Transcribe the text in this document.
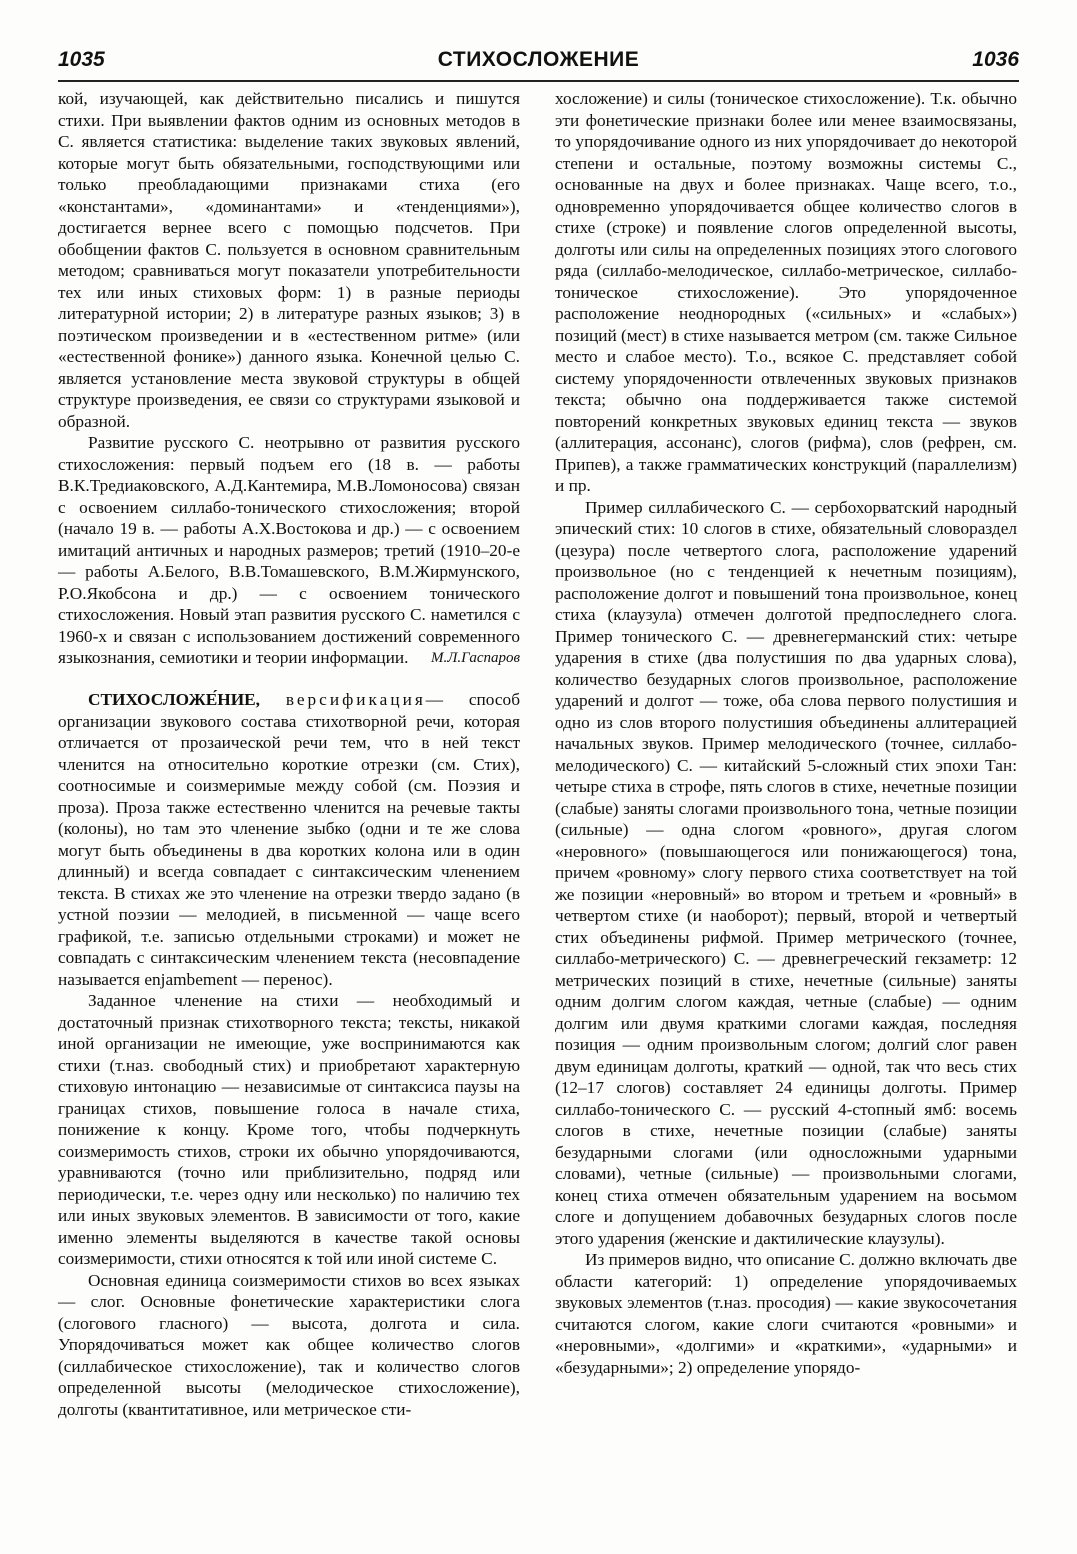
1035	СТИХОСЛОЖЕНИЕ	1036

кой, изучающей, как действительно писались и пишутся стихи. При выявлении фактов одним из основных методов в С. является статистика: выделение таких звуковых явлений, которые могут быть обязательными, господствующими или только преобладающими признаками стиха (его «константами», «доминантами» и «тенденциями»), достигается вернее всего с помощью подсчетов. При обобщении фактов С. пользуется в основном сравнительным методом; сравниваться могут показатели употребительности тех или иных стиховых форм: 1) в разные периоды литературной истории; 2) в литературе разных языков; 3) в поэтическом произведении и в «естественном ритме» (или «естественной фонике») данного языка. Конечной целью С. является установление места звуковой структуры в общей структуре произведения, ее связи со структурами языковой и образной.

Развитие русского С. неотрывно от развития русского стихосложения: первый подъем его (18 в. — работы В.К.Тредиаковского, А.Д.Кантемира, М.В.Ломоносова) связан с освоением силлабо-тонического стихосложения; второй (начало 19 в. — работы А.Х.Востокова и др.) — с освоением имитаций античных и народных размеров; третий (1910–20-е — работы А.Белого, В.В.Томашевского, В.М.Жирмунского, Р.О.Якобсона и др.) — с освоением тонического стихосложения. Новый этап развития русского С. наметился с 1960-х и связан с использованием достижений современного языкознания, семиотики и теории информации.	М.Л.Гаспаров

СТИХОСЛОЖЕ́НИЕ, версификация— способ организации звукового состава стихотворной речи, которая отличается от прозаической речи тем, что в ней текст членится на относительно короткие отрезки (см. Стих), соотносимые и соизмеримые между собой (см. Поэзия и проза). Проза также естественно членится на речевые такты (колоны), но там это членение зыбко (одни и те же слова могут быть объединены в два коротких колона или в один длинный) и всегда совпадает с синтаксическим членением текста. В стихах же это членение на отрезки твердо задано (в устной поэзии — мелодией, в письменной — чаще всего графикой, т.е. записью отдельными строками) и может не совпадать с синтаксическим членением текста (несовпадение называется enjambement — перенос).

Заданное членение на стихи — необходимый и достаточный признак стихотворного текста; тексты, никакой иной организации не имеющие, уже воспринимаются как стихи (т.наз. свободный стих) и приобретают характерную стиховую интонацию — независимые от синтаксиса паузы на границах стихов, повышение голоса в начале стиха, понижение к концу. Кроме того, чтобы подчеркнуть соизмеримость стихов, строки их обычно упорядочиваются, уравниваются (точно или приблизительно, подряд или периодически, т.е. через одну или несколько) по наличию тех или иных звуковых элементов. В зависимости от того, какие именно элементы выделяются в качестве такой основы соизмеримости, стихи относятся к той или иной системе С.

Основная единица соизмеримости стихов во всех языках — слог. Основные фонетические характеристики слога (слогового гласного) — высота, долгота и сила. Упорядочиваться может как общее количество слогов (силлабическое стихосложение), так и количество слогов определенной высоты (мелодическое стихосложение), долготы (квантитативное, или метрическое сти-

хосложение) и силы (тоническое стихосложение). Т.к. обычно эти фонетические признаки более или менее взаимосвязаны, то упорядочивание одного из них упорядочивает до некоторой степени и остальные, поэтому возможны системы С., основанные на двух и более признаках. Чаще всего, т.о., одновременно упорядочивается общее количество слогов в стихе (строке) и появление слогов определенной высоты, долготы или силы на определенных позициях этого слогового ряда (силлабо-мелодическое, силлабо-метрическое, силлабо-тоническое стихосложение). Это упорядоченное расположение неоднородных («сильных» и «слабых») позиций (мест) в стихе называется метром (см. также Сильное место и слабое место). Т.о., всякое С. представляет собой систему упорядоченности отвлеченных звуковых признаков текста; обычно она поддерживается также системой повторений конкретных звуковых единиц текста — звуков (аллитерация, ассонанс), слогов (рифма), слов (рефрен, см. Припев), а также грамматических конструкций (параллелизм) и пр.

Пример силлабического С. — сербохорватский народный эпический стих: 10 слогов в стихе, обязательный словораздел (цезура) после четвертого слога, расположение ударений произвольное (но с тенденцией к нечетным позициям), расположение долгот и повышений тона произвольное, конец стиха (клаузула) отмечен долготой предпоследнего слога. Пример тонического С. — древнегерманский стих: четыре ударения в стихе (два полустишия по два ударных слова), количество безударных слогов произвольное, расположение ударений и долгот — тоже, оба слова первого полустишия и одно из слов второго полустишия объединены аллитерацией начальных звуков. Пример мелодического (точнее, силлабо-мелодического) С. — китайский 5-сложный стих эпохи Тан: четыре стиха в строфе, пять слогов в стихе, нечетные позиции (слабые) заняты слогами произвольного тона, четные позиции (сильные) — одна слогом «ровного», другая слогом «неровного» (повышающегося или понижающегося) тона, причем «ровному» слогу первого стиха соответствует на той же позиции «неровный» во втором и третьем и «ровный» в четвертом стихе (и наоборот); первый, второй и четвертый стих объединены рифмой. Пример метрического (точнее, силлабо-метрического) С. — древнегреческий гекзаметр: 12 метрических позиций в стихе, нечетные (сильные) заняты одним долгим слогом каждая, четные (слабые) — одним долгим или двумя краткими слогами каждая, последняя позиция — одним произвольным слогом; долгий слог равен двум единицам долготы, краткий — одной, так что весь стих (12–17 слогов) составляет 24 единицы долготы. Пример силлабо-тонического С. — русский 4-стопный ямб: восемь слогов в стихе, нечетные позиции (слабые) заняты безударными слогами (или односложными ударными словами), четные (сильные) — произвольными слогами, конец стиха отмечен обязательным ударением на восьмом слоге и допущением добавочных безударных слогов после этого ударения (женские и дактилические клаузулы).

Из примеров видно, что описание С. должно включать две области категорий: 1) определение упорядочиваемых звуковых элементов (т.наз. просодия) — какие звукосочетания считаются слогом, какие слоги считаются «ровными» и «неровными», «долгими» и «краткими», «ударными» и «безударными»; 2) определение упорядо-
